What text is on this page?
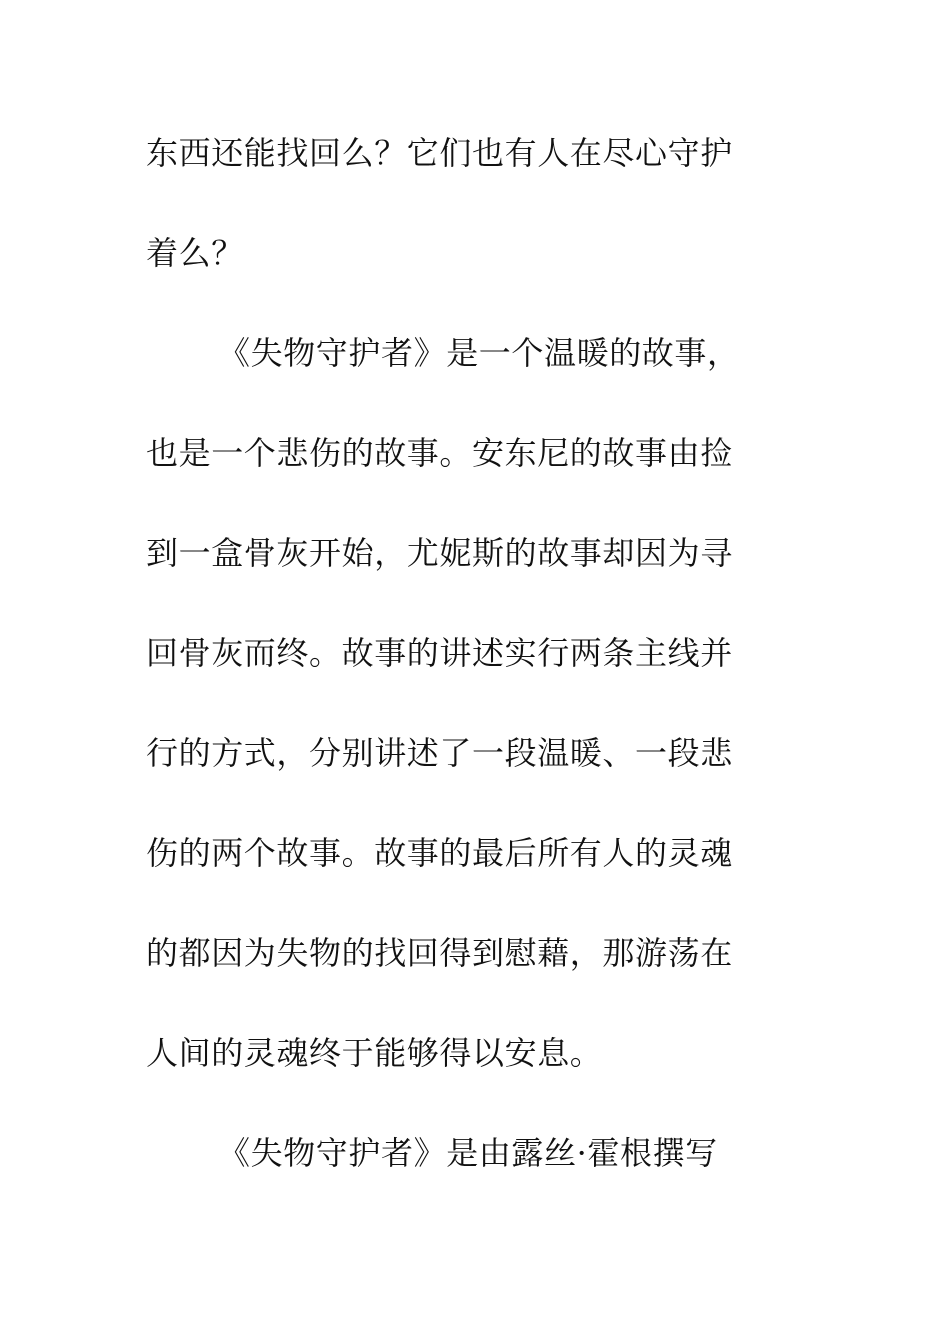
东西还能找回么？它们也有人在尽心守护
着么？
《失物守护者》是一个温暖的故事，
也是一个悲伤的故事。安东尼的故事由捡
到一盒骨灰开始，尤妮斯的故事却因为寻
回骨灰而终。故事的讲述实行两条主线并
行的方式，分别讲述了一段温暖、一段悲
伤的两个故事。故事的最后所有人的灵魂
的都因为失物的找回得到慰藉，那游荡在
人间的灵魂终于能够得以安息。
《失物守护者》是由露丝·霍根撰写
